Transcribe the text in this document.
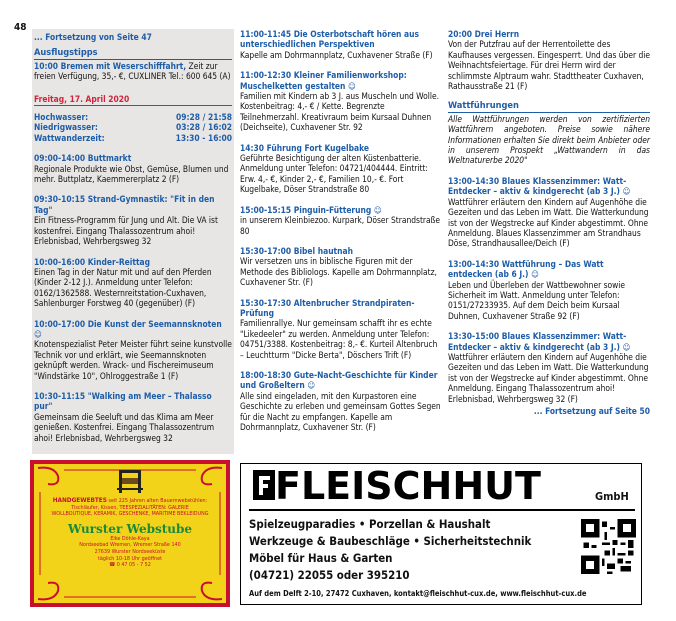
48
... Fortsetzung von Seite 47
Ausflugstipps

10:00 Bremen mit Weserschifffahrt, Zeit zur freien Verfügung, 35,- €, CUXLINER Tel.: 600 645 (A)

Freitag, 17. April 2020
Hochwasser:	09:28 / 21:58
Niedrigwasser:	03:28 / 16:02
Wattwanderzeit:	13:30 - 16:00

09:00-14:00 Buttmarkt

Regionale Produkte wie Obst, Gemüse, Blumen und mehr. Buttplatz, Kaemmererplatz 2 (F)

09:30-10:15 Strand-Gymnastik: "Fit in den Tag"

Ein Fitness-Programm für Jung und Alt. Die VA ist kostenfrei. Eingang Thalassozentrum ahoi! Erlebnisbad, Wehrbergsweg 32

10:00-16:00 Kinder-Reittag

Einen Tag in der Natur mit und auf den Pferden (Kinder 2-12 J.). Anmeldung unter Telefon: 0162/1362588. Westernreitstation-Cuxhaven, Sahlenburger Forstweg 40 (gegenüber) (F)

10:00-17:00 Die Kunst der Seemannsknoten ☺

Knotenspezialist Peter Meister führt seine kunstvolle Technik vor und erklärt, wie Seemannsknoten geknüpft werden. Wrack- und Fischereimuseum "Windstärke 10", Ohlroggestraße 1 (F)

10:30-11:15 "Walking am Meer – Thalasso pur"

Gemeinsam die Seeluft und das Klima am Meer genießen. Kostenfrei. Eingang Thalassozentrum ahoi! Erlebnisbad, Wehrbergsweg 32

11:00-11:45 Die Osterbotschaft hören aus unterschiedlichen Perspektiven

Kapelle am Dohrmannplatz, Cuxhavener Straße (F)

11:00-12:30 Kleiner Familienworkshop: Muschelketten gestalten ☺

Familien mit Kindern ab 3 J. aus Muscheln und Wolle. Kostenbeitrag: 4,- € / Kette. Begrenzte Teilnehmerzahl. Kreativraum beim Kursaal Duhnen (Deichseite), Cuxhavener Str. 92

14:30 Führung Fort Kugelbake

Geführte Besichtigung der alten Küstenbatterie. Anmeldung unter Telefon: 04721/404444. Eintritt: Erw. 4,- €, Kinder 2,- €, Familien 10,- €. Fort Kugelbake, Döser Strandstraße 80

15:00-15:15 Pinguin-Fütterung ☺

in unserem Kleinbiezoo. Kurpark, Döser Strandstraße 80

15:30-17:00 Bibel hautnah

Wir versetzen uns in biblische Figuren mit der Methode des Bibliologs. Kapelle am Dohrmannplatz, Cuxhavener Str. (F)

15:30-17:30 Altenbrucher Strandpiraten-Prüfung

Familienrallye. Nur gemeinsam schafft ihr es echte "Likedeeler" zu werden. Anmeldung unter Telefon: 04751/3388. Kostenbeitrag: 8,- €. Kurteil Altenbruch – Leuchtturm "Dicke Berta", Döschers Trift (F)

18:00-18:30 Gute-Nacht-Geschichte für Kinder und Großeltern ☺

Alle sind eingeladen, mit den Kurpastoren eine Geschichte zu erleben und gemeinsam Gottes Segen für die Nacht zu empfangen. Kapelle am Dohrmannplatz, Cuxhavener Str. (F)

20:00 Drei Herrn

Von der Putzfrau auf der Herrentoilette des Kaufhauses vergessen. Eingesperrt. Und das über die Weihnachtsfeiertage. Für drei Herrn wird der schlimmste Alptraum wahr. Stadttheater Cuxhaven, Rathausstraße 21 (F)

Wattführungen

Alle Wattführungen werden von zertifizierten Wattführern angeboten. Preise sowie nähere Informationen erhalten Sie direkt beim Anbieter oder in unserem Prospekt „Wattwandern in das Weltnaturerbe 2020"

13:00-14:30 Blaues Klassenzimmer: Watt-Entdecker – aktiv & kindgerecht (ab 3 J.) ☺

Wattführer erläutern den Kindern auf Augenhöhe die Gezeiten und das Leben im Watt. Die Watterkundung ist von der Wegstrecke auf Kinder abgestimmt. Ohne Anmeldung. Blaues Klassenzimmer am Strandhaus Döse, Strandhausallee/Deich (F)

13:00-14:30 Wattführung – Das Watt entdecken (ab 6 J.) ☺

Leben und Überleben der Wattbewohner sowie Sicherheit im Watt. Anmeldung unter Telefon: 0151/27233935. Auf dem Deich beim Kursaal Duhnen, Cuxhavener Straße 92 (F)

13:30-15:00 Blaues Klassenzimmer: Watt-Entdecker – aktiv & kindgerecht (ab 3 J.) ☺

Wattführer erläutern den Kindern auf Augenhöhe die Gezeiten und das Leben im Watt. Die Watterkundung ist von der Wegstrecke auf Kinder abgestimmt. Ohne Anmeldung. Eingang Thalassozentrum ahoi! Erlebnisbad, Wehrbergsweg 32 (F)

... Fortsetzung auf Seite 50
HANDGEWEBTES seit 225 Jahren alten Bauernwebstühlen:
Tischläufer, Kissen, TEESPEZIALITÄTEN: GALERIE
WOLLBOUTIQUE, KERAMIK, GESCHENKE, MARITIME BEKLEIDUNG
Wurster Webstube
Elke Döhle-Kaya
Nordseebad Wremen, Wremer Straße 140
27639 Wurster Nordseeküste
täglich 10-18 Uhr geöffnet
☎ 0 47 05 - 7 52
FLEISCHHUT	GmbH
Spielzeugparadies • Porzellan & Haushalt
Werkzeuge & Baubeschläge • Sicherheitstechnik
Möbel für Haus & Garten
(04721) 22055 oder 395210
Auf dem Delft 2-10, 27472 Cuxhaven, kontakt@fleischhut-cux.de, www.fleischhut-cux.de
